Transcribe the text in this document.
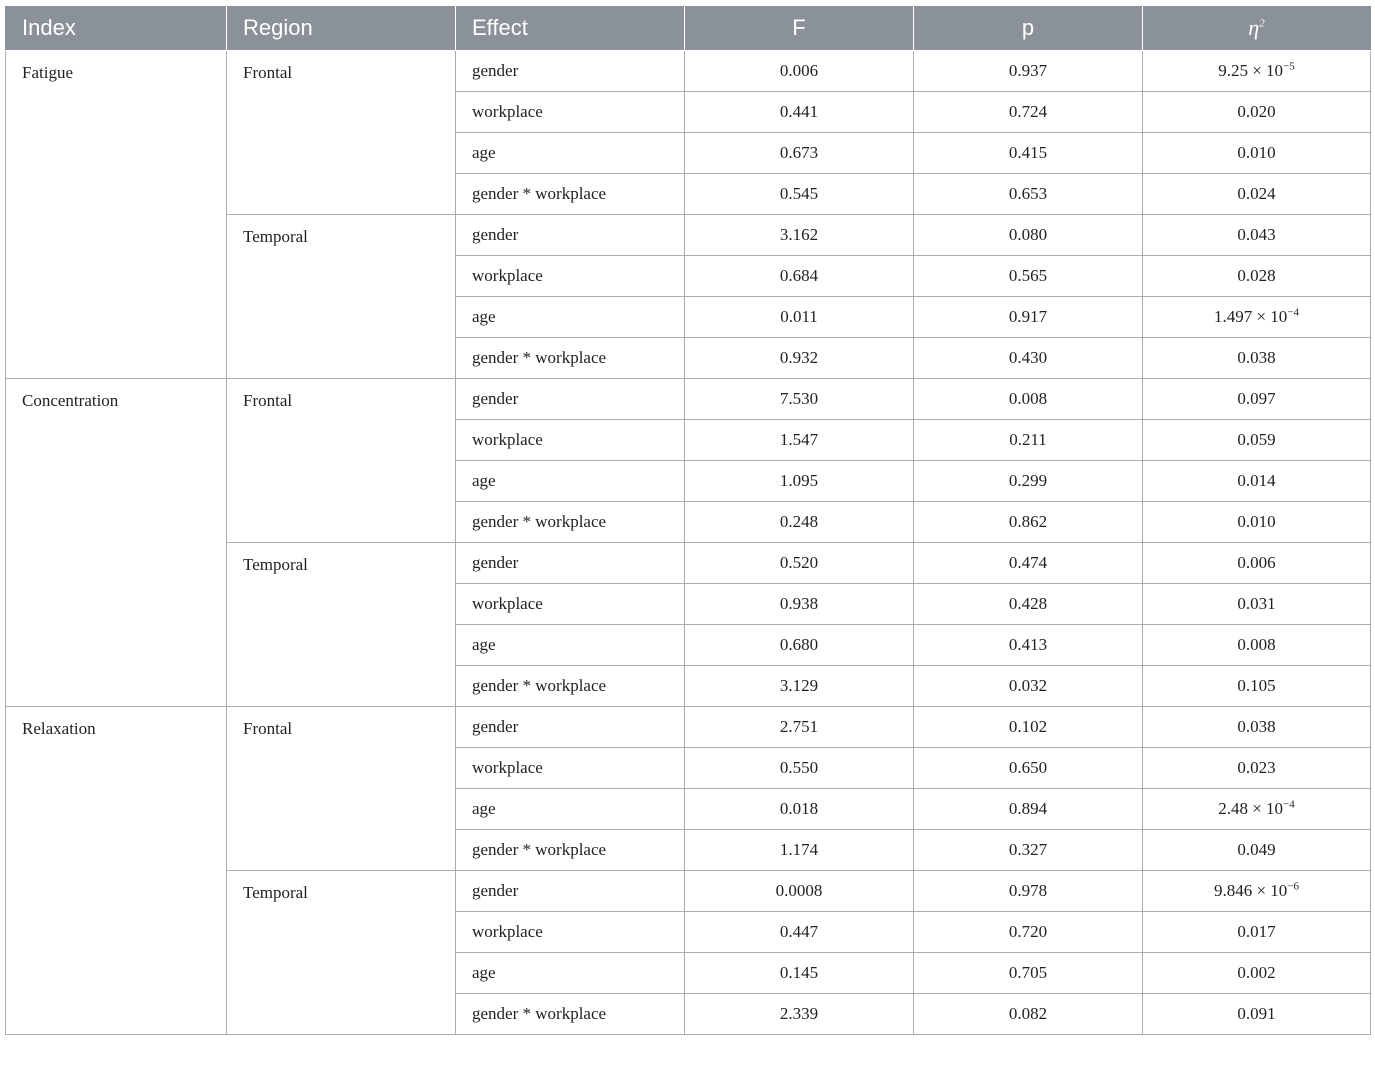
Index	Region	Effect	F	p	$\eta^2$
Fatigue	Frontal	gender	0.006	0.937	$9.25 \times 10^{-5}$
		workplace	0.441	0.724	0.020
		age	0.673	0.415	0.010
		gender * workplace	0.545	0.653	0.024
	Temporal	gender	3.162	0.080	0.043
		workplace	0.684	0.565	0.028
		age	0.011	0.917	$1.497 \times 10^{-4}$
		gender * workplace	0.932	0.430	0.038
Concentration	Frontal	gender	7.530	0.008	0.097
		workplace	1.547	0.211	0.059
		age	1.095	0.299	0.014
		gender * workplace	0.248	0.862	0.010
	Temporal	gender	0.520	0.474	0.006
		workplace	0.938	0.428	0.031
		age	0.680	0.413	0.008
		gender * workplace	3.129	0.032	0.105
Relaxation	Frontal	gender	2.751	0.102	0.038
		workplace	0.550	0.650	0.023
		age	0.018	0.894	$2.48 \times 10^{-4}$
		gender * workplace	1.174	0.327	0.049
	Temporal	gender	0.0008	0.978	$9.846 \times 10^{-6}$
		workplace	0.447	0.720	0.017
		age	0.145	0.705	0.002
		gender * workplace	2.339	0.082	0.091
